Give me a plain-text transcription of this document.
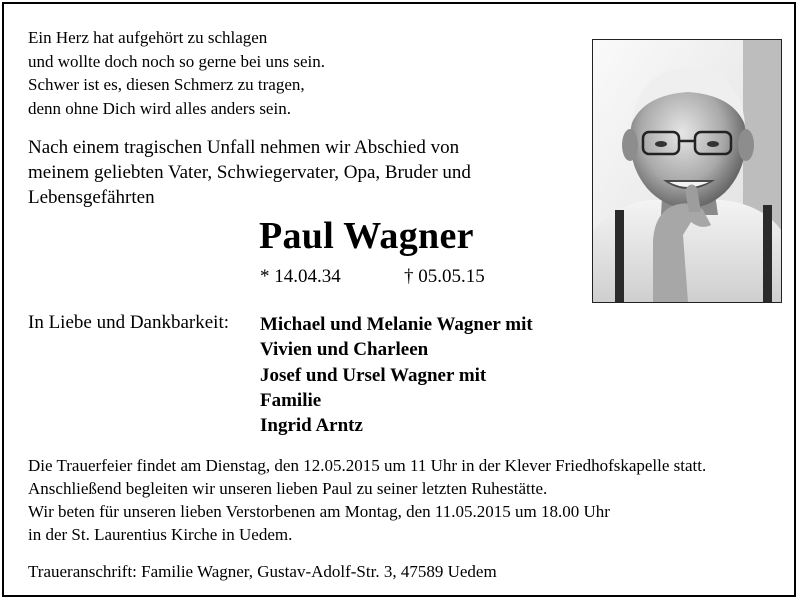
Ein Herz hat aufgehört zu schlagen
und wollte doch noch so gerne bei uns sein.
Schwer ist es, diesen Schmerz zu tragen,
denn ohne Dich wird alles anders sein.
Nach einem tragischen Unfall nehmen wir Abschied von
meinem geliebten Vater, Schwiegervater, Opa, Bruder und
Lebensgefährten
Paul Wagner
* 14.04.34	† 05.05.15
In Liebe und Dankbarkeit: Michael und Melanie Wagner mit
Vivien und Charleen
Josef und Ursel Wagner mit
Familie
Ingrid Arntz
Die Trauerfeier findet am Dienstag, den 12.05.2015 um 11 Uhr in der Klever Friedhofskapelle statt.
Anschließend begleiten wir unseren lieben Paul zu seiner letzten Ruhestätte.
Wir beten für unseren lieben Verstorbenen am Montag, den 11.05.2015 um 18.00 Uhr
in der St. Laurentius Kirche in Uedem.
Traueranschrift: Familie Wagner, Gustav-Adolf-Str. 3, 47589 Uedem
